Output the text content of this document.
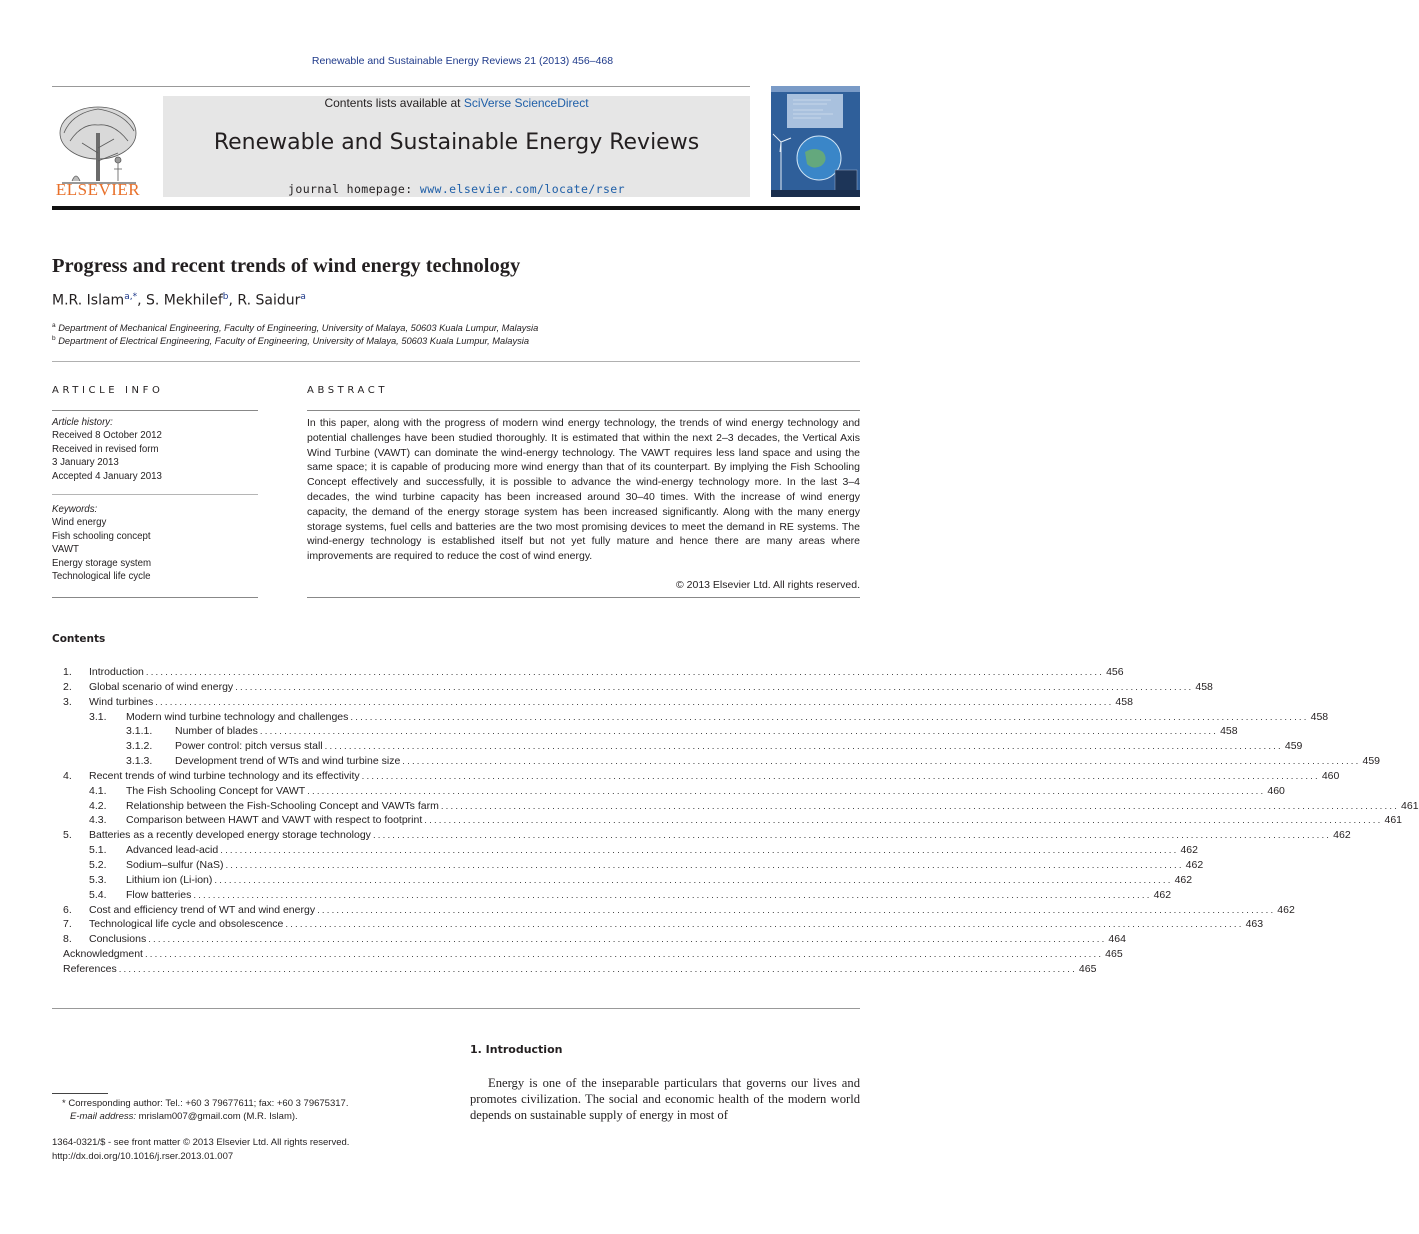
Renewable and Sustainable Energy Reviews 21 (2013) 456–468
ELSEVIER
Contents lists available at SciVerse ScienceDirect
Renewable and Sustainable Energy Reviews
journal homepage: www.elsevier.com/locate/rser
Progress and recent trends of wind energy technology
M.R. Islam$^{a,*}$, S. Mekhilef$^b$, R. Saidur$^a$
$^a$ Department of Mechanical Engineering, Faculty of Engineering, University of Malaya, 50603 Kuala Lumpur, Malaysia
$^b$ Department of Electrical Engineering, Faculty of Engineering, University of Malaya, 50603 Kuala Lumpur, Malaysia
ARTICLE INFO	ABSTRACT
Article history:
Received 8 October 2012
Received in revised form
3 January 2013
Accepted 4 January 2013
Keywords:
Wind energy
Fish schooling concept
VAWT
Energy storage system
Technological life cycle
In this paper, along with the progress of modern wind energy technology, the trends of wind energy technology and potential challenges have been studied thoroughly. It is estimated that within the next 2–3 decades, the Vertical Axis Wind Turbine (VAWT) can dominate the wind-energy technology. The VAWT requires less land space and using the same space; it is capable of producing more wind energy than that of its counterpart. By implying the Fish Schooling Concept effectively and successfully, it is possible to advance the wind-energy technology more. In the last 3–4 decades, the wind turbine capacity has been increased around 30–40 times. With the increase of wind energy capacity, the demand of the energy storage system has been increased significantly. Along with the many energy storage systems, fuel cells and batteries are the two most promising devices to meet the demand in RE systems. The wind-energy technology is established itself but not yet fully mature and hence there are many areas where improvements are required to reduce the cost of wind energy.
© 2013 Elsevier Ltd. All rights reserved.
Contents
1.	Introduction ...................................................................................................................................................................................................... 456
2.	Global scenario of wind energy ...................................................................................................................................................................................................... 458
3.	Wind turbines ...................................................................................................................................................................................................... 458
3.1.	Modern wind turbine technology and challenges ...................................................................................................................................................................................................... 458
3.1.1.	Number of blades ...................................................................................................................................................................................................... 458
3.1.2.	Power control: pitch versus stall ...................................................................................................................................................................................................... 459
3.1.3.	Development trend of WTs and wind turbine size ...................................................................................................................................................................................................... 459
4.	Recent trends of wind turbine technology and its effectivity ...................................................................................................................................................................................................... 460
4.1.	The Fish Schooling Concept for VAWT ...................................................................................................................................................................................................... 460
4.2.	Relationship between the Fish-Schooling Concept and VAWTs farm ...................................................................................................................................................................................................... 461
4.3.	Comparison between HAWT and VAWT with respect to footprint ...................................................................................................................................................................................................... 461
5.	Batteries as a recently developed energy storage technology ...................................................................................................................................................................................................... 462
5.1.	Advanced lead-acid ...................................................................................................................................................................................................... 462
5.2.	Sodium–sulfur (NaS) ...................................................................................................................................................................................................... 462
5.3.	Lithium ion (Li-ion) ...................................................................................................................................................................................................... 462
5.4.	Flow batteries ...................................................................................................................................................................................................... 462
6.	Cost and efficiency trend of WT and wind energy ...................................................................................................................................................................................................... 462
7.	Technological life cycle and obsolescence ...................................................................................................................................................................................................... 463
8.	Conclusions ...................................................................................................................................................................................................... 464
Acknowledgment ...................................................................................................................................................................................................... 465
References ...................................................................................................................................................................................................... 465
1. Introduction
Energy is one of the inseparable particulars that governs our lives and promotes civilization. The social and economic health of the modern world depends on sustainable supply of energy in most of
* Corresponding author: Tel.: +60 3 79677611; fax: +60 3 79675317.
E-mail address: mrislam007@gmail.com (M.R. Islam).
1364-0321/$ - see front matter © 2013 Elsevier Ltd. All rights reserved.
http://dx.doi.org/10.1016/j.rser.2013.01.007
